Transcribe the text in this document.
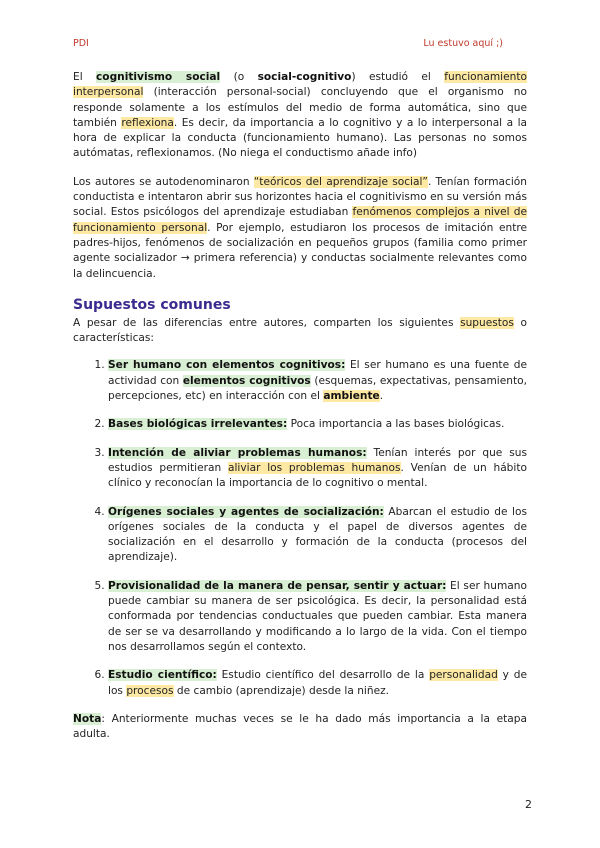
PDI	Lu estuvo aquí ;)

El cognitivismo social (o social-cognitivo) estudió el funcionamiento interpersonal (interacción personal-social) concluyendo que el organismo no responde solamente a los estímulos del medio de forma automática, sino que también reflexiona. Es decir, da importancia a lo cognitivo y a lo interpersonal a la hora de explicar la conducta (funcionamiento humano). Las personas no somos autómatas, reflexionamos. (No niega el conductismo añade info)

Los autores se autodenominaron “teóricos del aprendizaje social”. Tenían formación conductista e intentaron abrir sus horizontes hacia el cognitivismo en su versión más social. Estos psicólogos del aprendizaje estudiaban fenómenos complejos a nivel de funcionamiento personal. Por ejemplo, estudiaron los procesos de imitación entre padres-hijos, fenómenos de socialización en pequeños grupos (familia como primer agente socializador → primera referencia) y conductas socialmente relevantes como la delincuencia.

Supuestos comunes

A pesar de las diferencias entre autores, comparten los siguientes supuestos o características:

1. Ser humano con elementos cognitivos: El ser humano es una fuente de actividad con elementos cognitivos (esquemas, expectativas, pensamiento, percepciones, etc) en interacción con el ambiente.
2. Bases biológicas irrelevantes: Poca importancia a las bases biológicas.
3. Intención de aliviar problemas humanos: Tenían interés por que sus estudios permitieran aliviar los problemas humanos. Venían de un hábito clínico y reconocían la importancia de lo cognitivo o mental.
4. Orígenes sociales y agentes de socialización: Abarcan el estudio de los orígenes sociales de la conducta y el papel de diversos agentes de socialización en el desarrollo y formación de la conducta (procesos del aprendizaje).
5. Provisionalidad de la manera de pensar, sentir y actuar: El ser humano puede cambiar su manera de ser psicológica. Es decir, la personalidad está conformada por tendencias conductuales que pueden cambiar. Esta manera de ser se va desarrollando y modificando a lo largo de la vida. Con el tiempo nos desarrollamos según el contexto.
6. Estudio científico: Estudio científico del desarrollo de la personalidad y de los procesos de cambio (aprendizaje) desde la niñez.

Nota: Anteriormente muchas veces se le ha dado más importancia a la etapa adulta.

2
